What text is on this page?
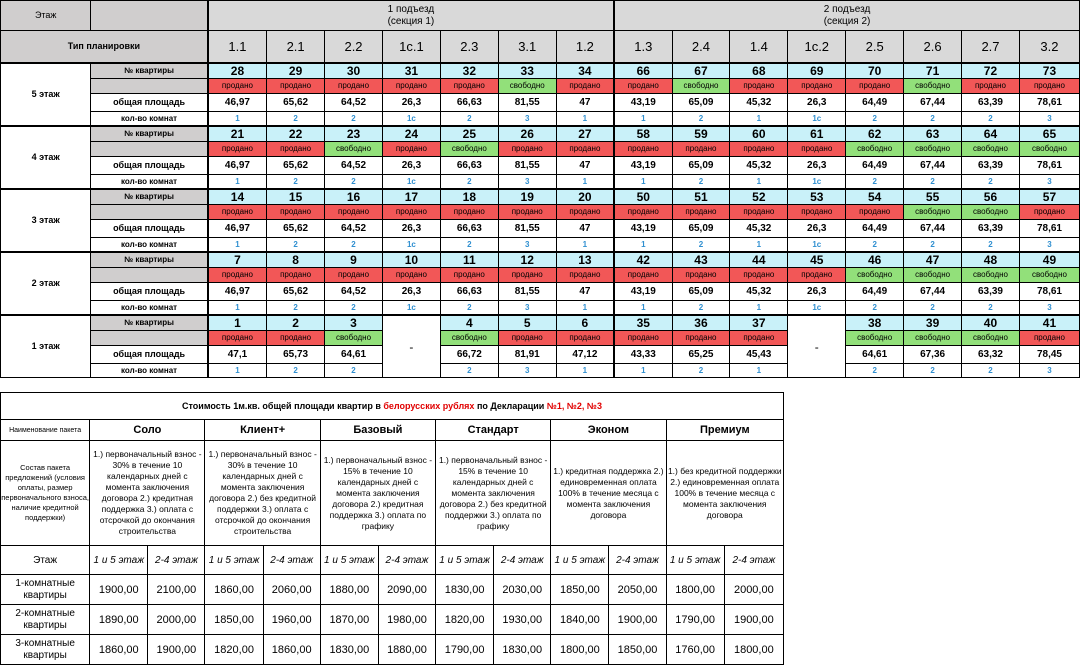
Этаж		1 подъезд
(секция 1)							2 подъезд
(секция 2)							
Тип планировки		1.1	2.1	2.2	1с.1	2.3	3.1	1.2	1.3	2.4	1.4	1с.2	2.5	2.6	2.7	3.2
5 этаж	№ квартиры	28	29	30	31	32	33	34	66	67	68	69	70	71	72	73
		продано	продано	продано	продано	продано	свободно	продано	продано	свободно	продано	продано	продано	свободно	продано	продано
	общая площадь	46,97	65,62	64,52	26,3	66,63	81,55	47	43,19	65,09	45,32	26,3	64,49	67,44	63,39	78,61
	кол-во комнат	1	2	2	1с	2	3	1	1	2	1	1с	2	2	2	3
4 этаж	№ квартиры	21	22	23	24	25	26	27	58	59	60	61	62	63	64	65
		продано	продано	свободно	продано	свободно	продано	продано	продано	продано	продано	продано	свободно	свободно	свободно	свободно
	общая площадь	46,97	65,62	64,52	26,3	66,63	81,55	47	43,19	65,09	45,32	26,3	64,49	67,44	63,39	78,61
	кол-во комнат	1	2	2	1с	2	3	1	1	2	1	1с	2	2	2	3
3 этаж	№ квартиры	14	15	16	17	18	19	20	50	51	52	53	54	55	56	57
		продано	продано	продано	продано	продано	продано	продано	продано	продано	продано	продано	продано	свободно	свободно	продано
	общая площадь	46,97	65,62	64,52	26,3	66,63	81,55	47	43,19	65,09	45,32	26,3	64,49	67,44	63,39	78,61
	кол-во комнат	1	2	2	1с	2	3	1	1	2	1	1с	2	2	2	3
2 этаж	№ квартиры	7	8	9	10	11	12	13	42	43	44	45	46	47	48	49
		продано	продано	продано	продано	продано	продано	продано	продано	продано	продано	продано	свободно	свободно	свободно	свободно
	общая площадь	46,97	65,62	64,52	26,3	66,63	81,55	47	43,19	65,09	45,32	26,3	64,49	67,44	63,39	78,61
	кол-во комнат	1	2	2	1с	2	3	1	1	2	1	1с	2	2	2	3
1 этаж	№ квартиры	1	2	3	-	4	5	6	35	36	37	-	38	39	40	41
		продано	продано	свободно		свободно	продано	продано	продано	продано	продано		свободно	свободно	свободно	продано
	общая площадь	47,1	65,73	64,61		66,72	81,91	47,12	43,33	65,25	45,43		64,61	67,36	63,32	78,45
	кол-во комнат	1	2	2		2	3	1	1	2	1		2	2	2	3
Стоимость 1м.кв. общей площади квартир в белорусских рублях по Декларации №1, №2, №3												
Наименование пакета	Соло		Клиент+		Базовый		Стандарт		Эконом		Премиум	
Состав пакета предложений (условия оплаты, размер первоначального взноса, наличие кредитной поддержки)	1.) первоначальный взнос - 30% в течение 10 календарных дней с момента заключения договора 2.) кредитная поддержка 3.) оплата с отсрочкой до окончания строительства		1.) первоначальный взнос - 30% в течение 10 календарных дней с момента заключения договора 2.) без кредитной поддержки 3.) оплата с отсрочкой до окончания строительства		1.) первоначальный взнос - 15% в течение 10 календарных дней с момента заключения договора 2.) кредитная поддержка 3.) оплата по графику		1.) первоначальный взнос - 15% в течение 10 календарных дней с момента заключения договора 2.) без кредитной поддержки 3.) оплата по графику		1.) кредитная поддержка 2.) единовременная оплата 100% в течение месяца с момента заключения договора		1.) без кредитной поддержки 2.) единовременная оплата 100% в течение месяца с момента заключения договора	
Этаж	1 и 5 этаж	2-4 этаж	1 и 5 этаж	2-4 этаж	1 и 5 этаж	2-4 этаж	1 и 5 этаж	2-4 этаж	1 и 5 этаж	2-4 этаж	1 и 5 этаж	2-4 этаж
1-комнатные квартиры	1900,00	2100,00	1860,00	2060,00	1880,00	2090,00	1830,00	2030,00	1850,00	2050,00	1800,00	2000,00
2-комнатные квартиры	1890,00	2000,00	1850,00	1960,00	1870,00	1980,00	1820,00	1930,00	1840,00	1900,00	1790,00	1900,00
3-комнатные квартиры	1860,00	1900,00	1820,00	1860,00	1830,00	1880,00	1790,00	1830,00	1800,00	1850,00	1760,00	1800,00
